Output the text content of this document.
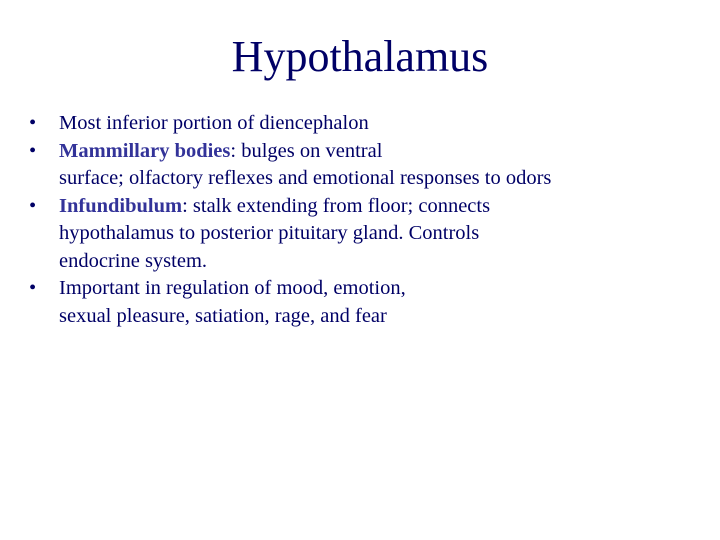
Hypothalamus
• Most inferior portion of diencephalon
• Mammillary bodies: bulges on ventral
surface; olfactory reflexes and emotional responses to odors
• Infundibulum: stalk extending from floor; connects
hypothalamus to posterior pituitary gland. Controls
endocrine system.
• Important in regulation of mood, emotion,
sexual pleasure, satiation, rage, and fear
